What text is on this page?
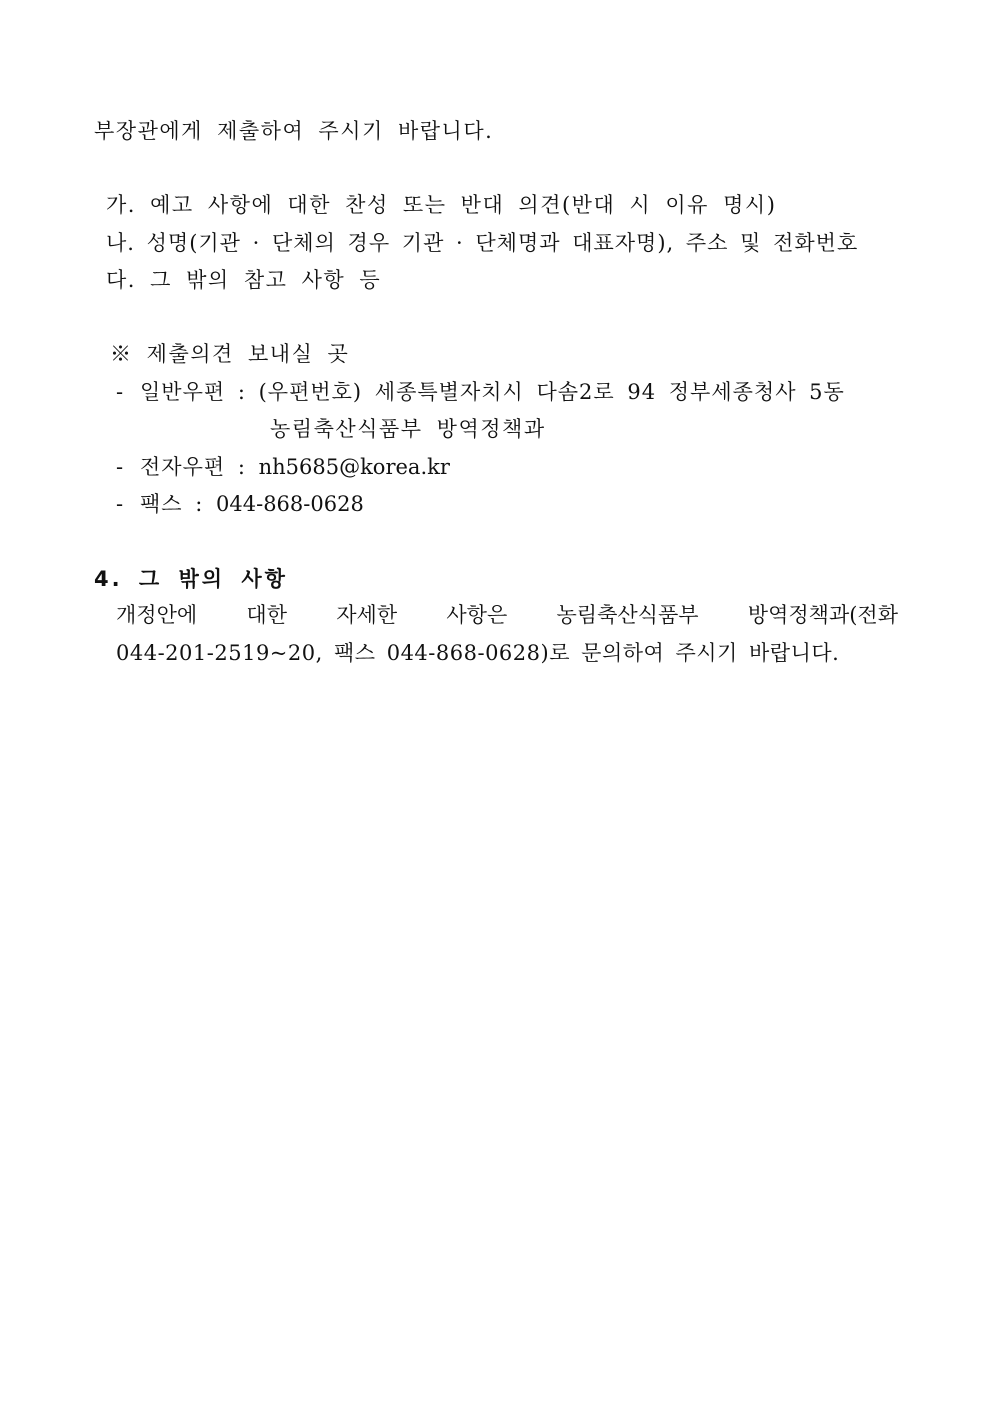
부장관에게 제출하여 주시기 바랍니다.
가. 예고 사항에 대한 찬성 또는 반대 의견(반대 시 이유 명시)
나. 성명(기관 · 단체의 경우 기관 · 단체명과 대표자명), 주소 및 전화번호
다. 그 밖의 참고 사항 등
※ 제출의견 보내실 곳
- 일반우편 : (우편번호) 세종특별자치시 다솜2로 94 정부세종청사 5동
농림축산식품부 방역정책과
- 전자우편 : nh5685@korea.kr
- 팩스 : 044-868-0628
4. 그 밖의 사항
개정안에 대한 자세한 사항은 농림축산식품부 방역정책과(전화
044-201-2519~20, 팩스 044-868-0628)로 문의하여 주시기 바랍니다.
